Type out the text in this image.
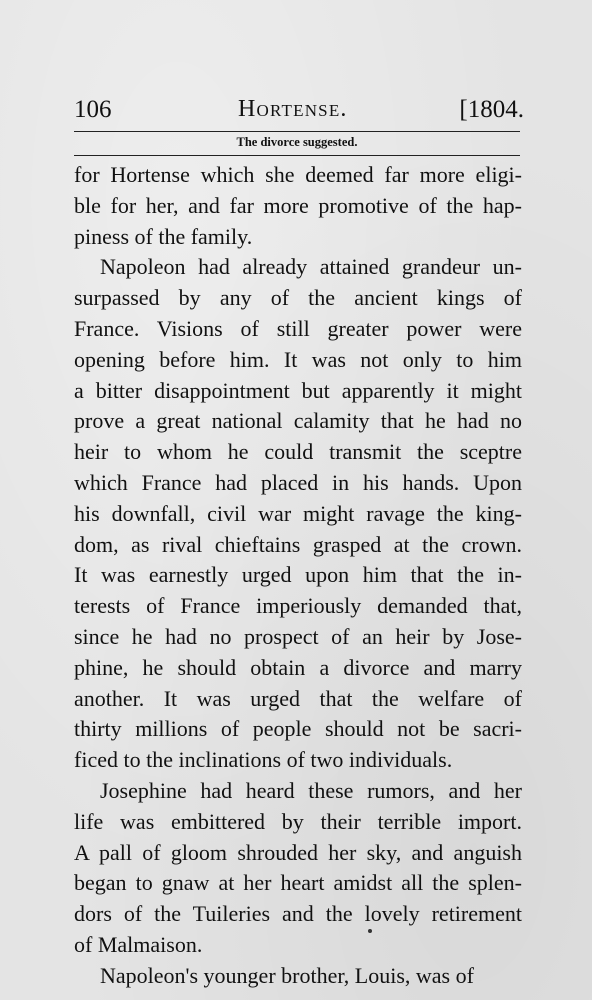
106	Hortense.	[1804.
The divorce suggested.
for Hortense which she deemed far more eligi-
ble for her, and far more promotive of the hap-
piness of the family.
Napoleon had already attained grandeur un-
surpassed by any of the ancient kings of
France. Visions of still greater power were
opening before him. It was not only to him
a bitter disappointment but apparently it might
prove a great national calamity that he had no
heir to whom he could transmit the sceptre
which France had placed in his hands. Upon
his downfall, civil war might ravage the king-
dom, as rival chieftains grasped at the crown.
It was earnestly urged upon him that the in-
terests of France imperiously demanded that,
since he had no prospect of an heir by Jose-
phine, he should obtain a divorce and marry
another. It was urged that the welfare of
thirty millions of people should not be sacri-
ficed to the inclinations of two individuals.
Josephine had heard these rumors, and her
life was embittered by their terrible import.
A pall of gloom shrouded her sky, and anguish
began to gnaw at her heart amidst all the splen-
dors of the Tuileries and the lovely retirement
of Malmaison.
Napoleon's younger brother, Louis, was of
